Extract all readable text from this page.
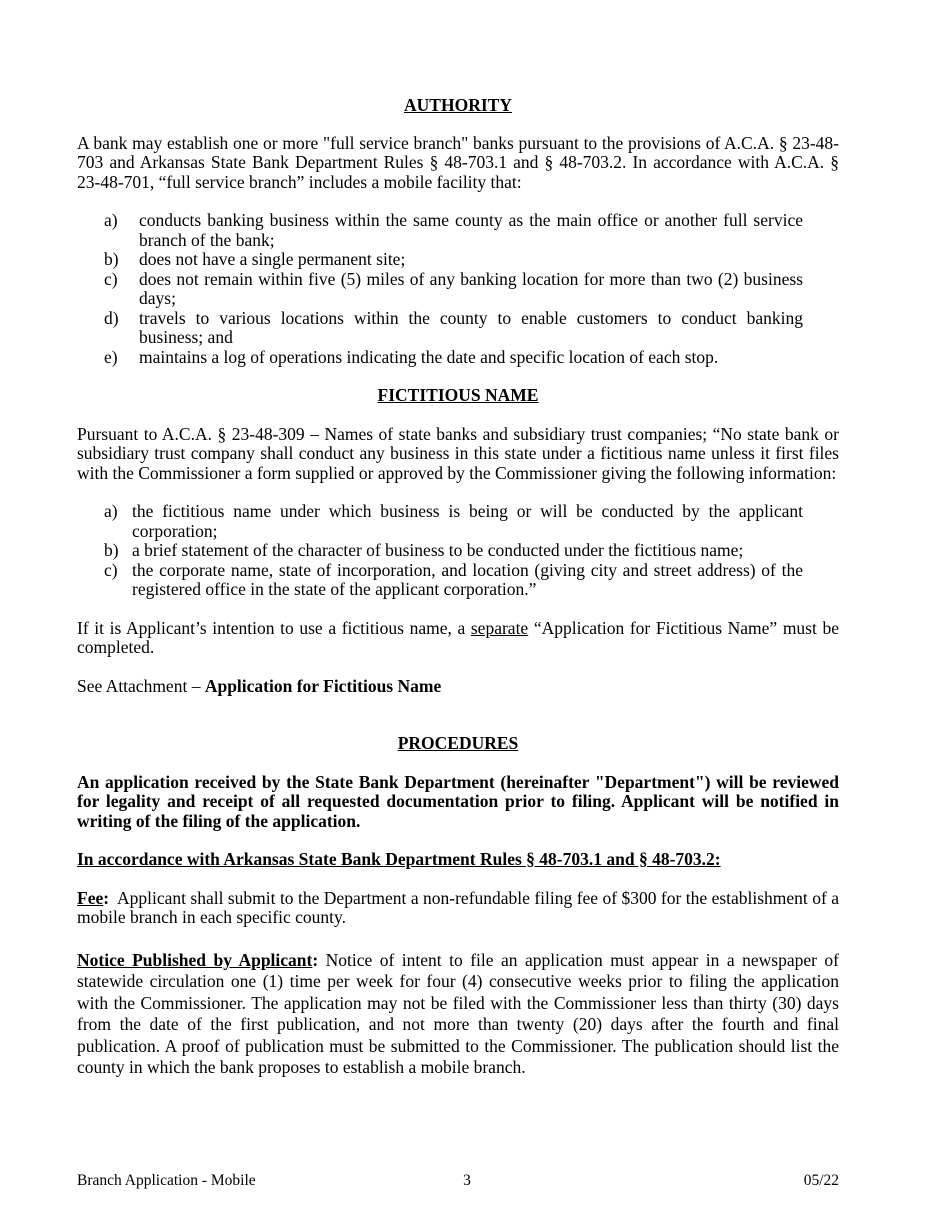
AUTHORITY

A bank may establish one or more "full service branch" banks pursuant to the provisions of A.C.A. § 23-48-703 and Arkansas State Bank Department Rules § 48-703.1 and § 48-703.2. In accordance with A.C.A. § 23-48-701, “full service branch” includes a mobile facility that:

a) conducts banking business within the same county as the main office or another full service branch of the bank;
b) does not have a single permanent site;
c) does not remain within five (5) miles of any banking location for more than two (2) business days;
d) travels to various locations within the county to enable customers to conduct banking business; and
e) maintains a log of operations indicating the date and specific location of each stop.
FICTITIOUS NAME

Pursuant to A.C.A. § 23-48-309 – Names of state banks and subsidiary trust companies; “No state bank or subsidiary trust company shall conduct any business in this state under a fictitious name unless it first files with the Commissioner a form supplied or approved by the Commissioner giving the following information:

a) the fictitious name under which business is being or will be conducted by the applicant corporation;
b) a brief statement of the character of business to be conducted under the fictitious name;
c) the corporate name, state of incorporation, and location (giving city and street address) of the registered office in the state of the applicant corporation.”

If it is Applicant’s intention to use a fictitious name, a separate “Application for Fictitious Name” must be completed.

See Attachment – Application for Fictitious Name

PROCEDURES

An application received by the State Bank Department (hereinafter "Department") will be reviewed for legality and receipt of all requested documentation prior to filing. Applicant will be notified in writing of the filing of the application.

In accordance with Arkansas State Bank Department Rules § 48-703.1 and § 48-703.2:

Fee:  Applicant shall submit to the Department a non-refundable filing fee of $300 for the establishment of a mobile branch in each specific county.

Notice Published by Applicant: Notice of intent to file an application must appear in a newspaper of statewide circulation one (1) time per week for four (4) consecutive weeks prior to filing the application with the Commissioner. The application may not be filed with the Commissioner less than thirty (30) days from the date of the first publication, and not more than twenty (20) days after the fourth and final publication. A proof of publication must be submitted to the Commissioner. The publication should list the county in which the bank proposes to establish a mobile branch.

Branch Application - Mobile	3	05/22
